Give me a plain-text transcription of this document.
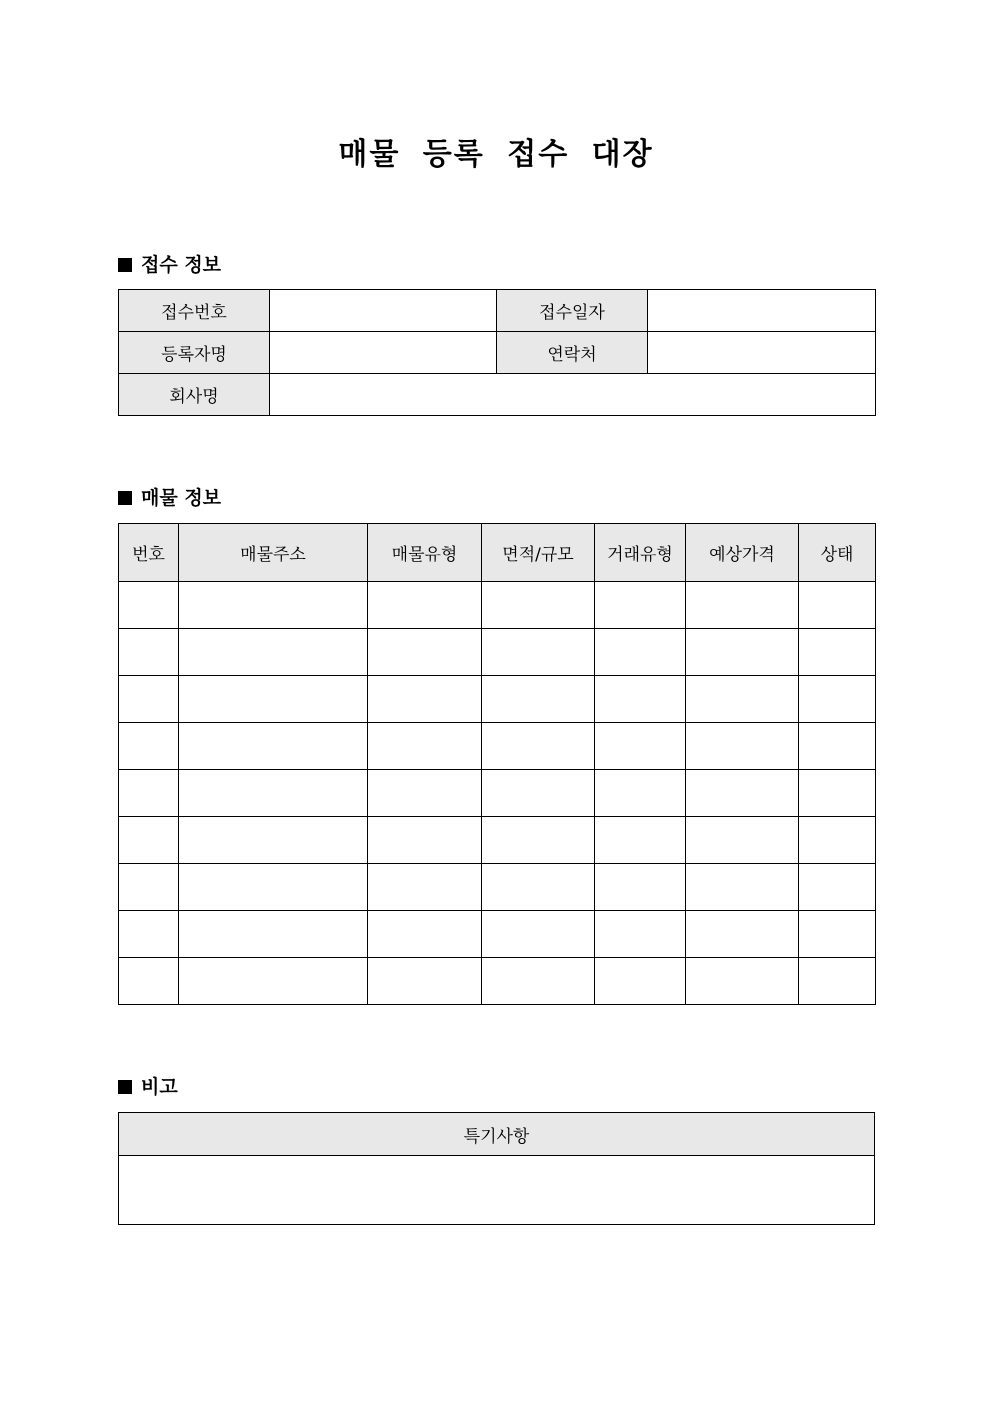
매물 등록 접수 대장
접수 정보
접수번호		접수일자	
등록자명		연락처	
회사명			
매물 정보
번호	매물주소	매물유형	면적/규모	거래유형	예상가격	상태

비고
특기사항
